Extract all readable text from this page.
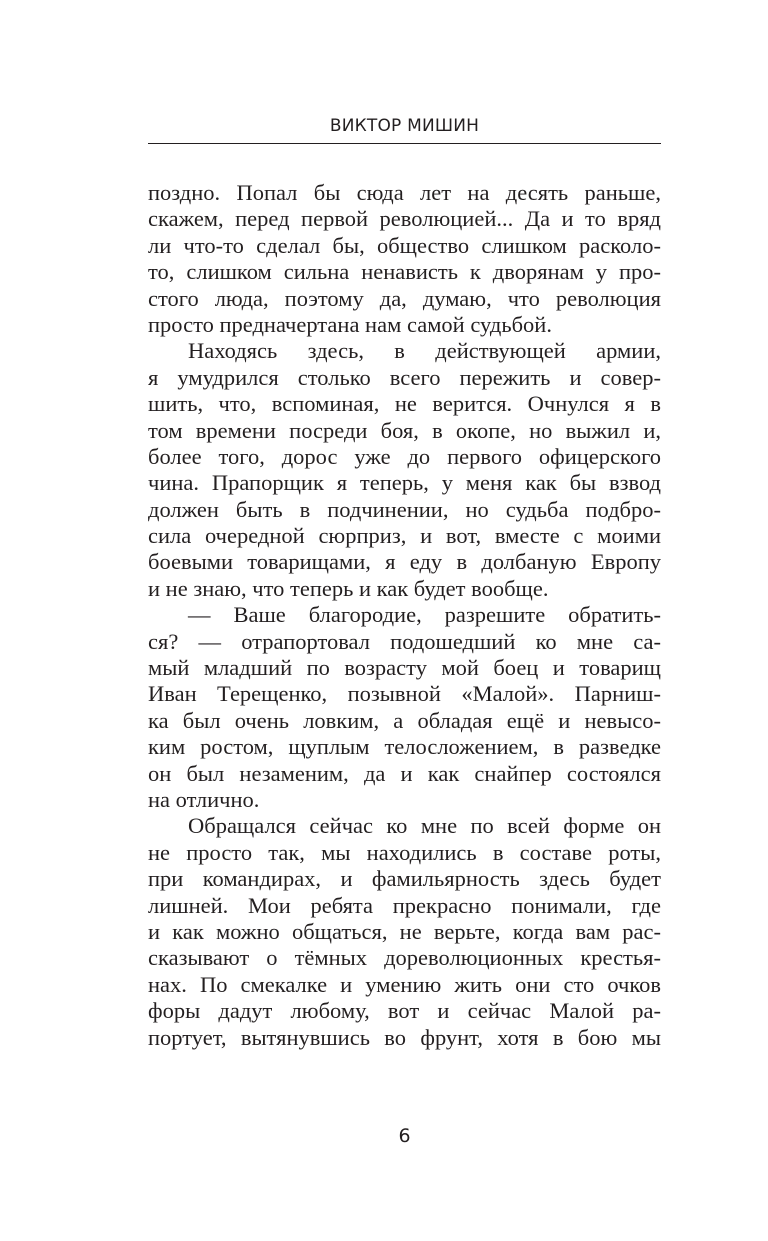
ВИКТОР МИШИН
поздно. Попал бы сюда лет на десять раньше,
скажем, перед первой революцией... Да и то вряд
ли что-то сделал бы, общество слишком расколо-
то, слишком сильна ненависть к дворянам у про-
стого люда, поэтому да, думаю, что революция
просто предначертана нам самой судьбой.
Находясь здесь, в действующей армии,
я умудрился столько всего пережить и совер-
шить, что, вспоминая, не верится. Очнулся я в
том времени посреди боя, в окопе, но выжил и,
более того, дорос уже до первого офицерского
чина. Прапорщик я теперь, у меня как бы взвод
должен быть в подчинении, но судьба подбро-
сила очередной сюрприз, и вот, вместе с моими
боевыми товарищами, я еду в долбаную Европу
и не знаю, что теперь и как будет вообще.
— Ваше благородие, разрешите обратить-
ся? — отрапортовал подошедший ко мне са-
мый младший по возрасту мой боец и товарищ
Иван Терещенко, позывной «Малой». Парниш-
ка был очень ловким, а обладая ещё и невысо-
ким ростом, щуплым телосложением, в разведке
он был незаменим, да и как снайпер состоялся
на отлично.
Обращался сейчас ко мне по всей форме он
не просто так, мы находились в составе роты,
при командирах, и фамильярность здесь будет
лишней. Мои ребята прекрасно понимали, где
и как можно общаться, не верьте, когда вам рас-
сказывают о тёмных дореволюционных крестья-
нах. По смекалке и умению жить они сто очков
форы дадут любому, вот и сейчас Малой ра-
портует, вытянувшись во фрунт, хотя в бою мы
6
